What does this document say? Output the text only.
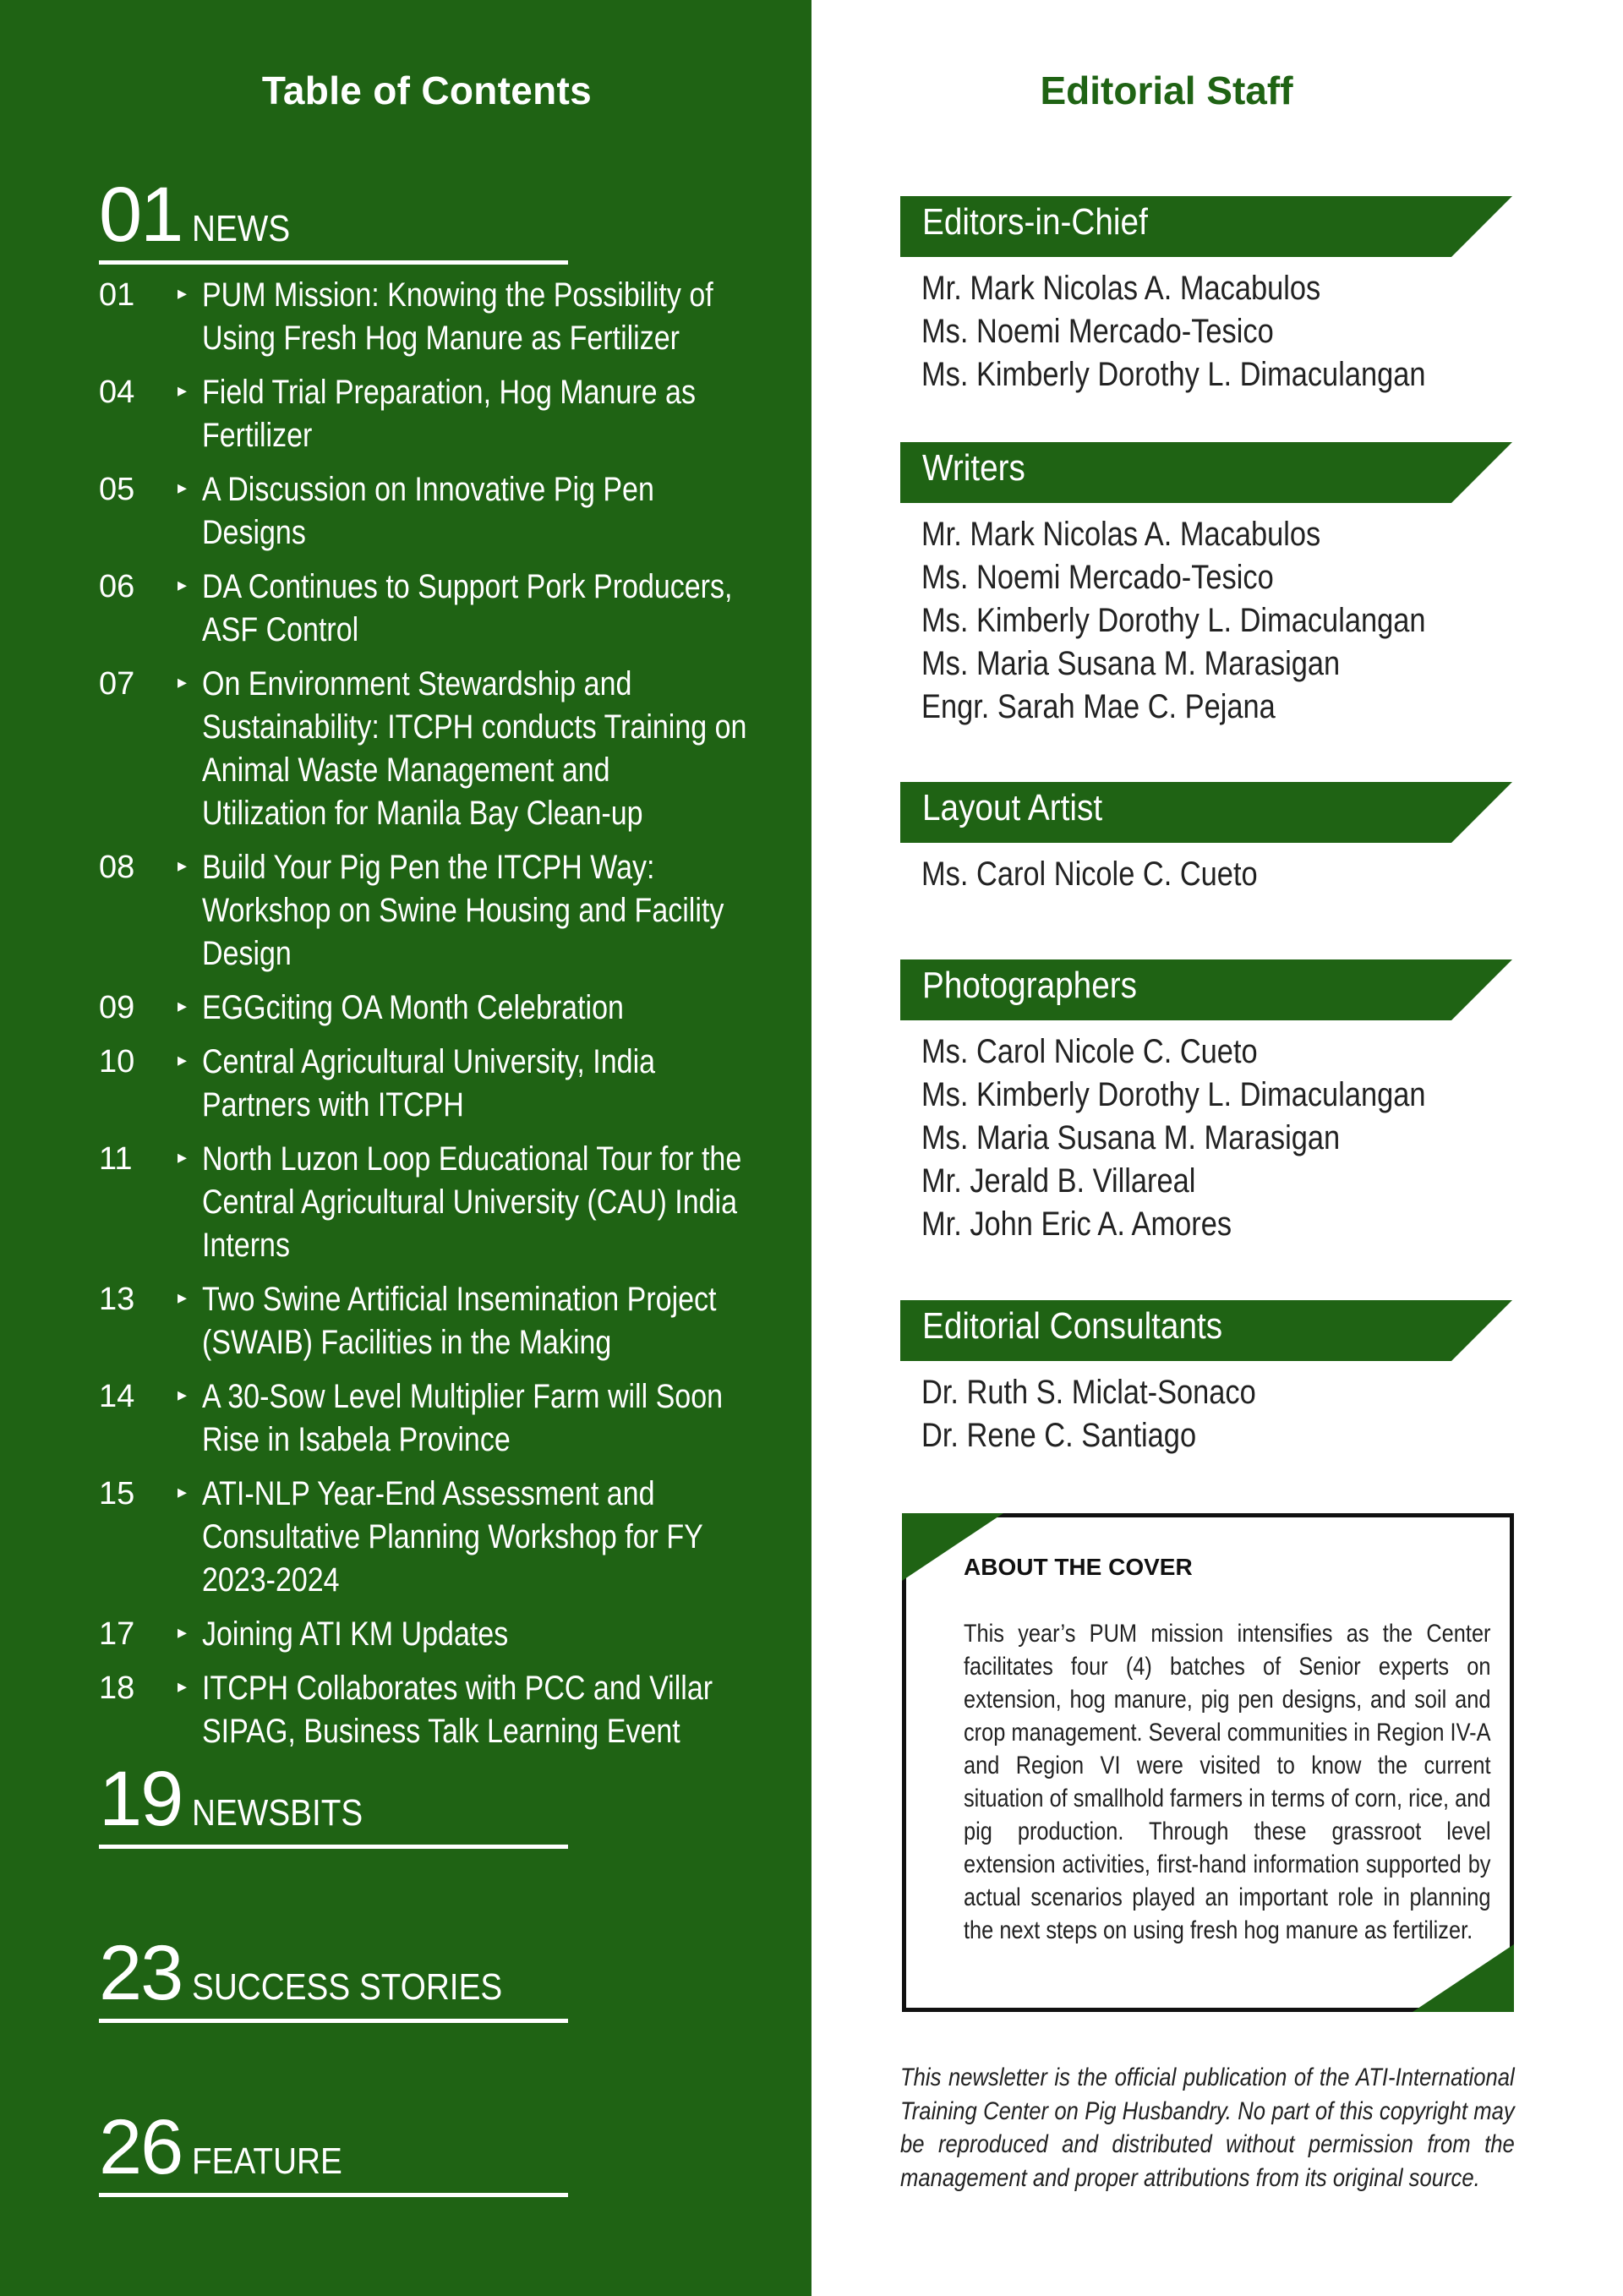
Table of Contents
01 NEWS
01 ▸ PUM Mission: Knowing the Possibility of
Using Fresh Hog Manure as Fertilizer
04 ▸ Field Trial Preparation, Hog Manure as
Fertilizer
05 ▸ A Discussion on Innovative Pig Pen
Designs
06 ▸ DA Continues to Support Pork Producers,
ASF Control
07 ▸ On Environment Stewardship and
Sustainability: ITCPH conducts Training on
Animal Waste Management and
Utilization for Manila Bay Clean-up
08 ▸ Build Your Pig Pen the ITCPH Way:
Workshop on Swine Housing and Facility
Design
09 ▸ EGGciting OA Month Celebration
10 ▸ Central Agricultural University, India
Partners with ITCPH
11 ▸ North Luzon Loop Educational Tour for the
Central Agricultural University (CAU) India
Interns
13 ▸ Two Swine Artificial Insemination Project
(SWAIB) Facilities in the Making
14 ▸ A 30-Sow Level Multiplier Farm will Soon
Rise in Isabela Province
15 ▸ ATI-NLP Year-End Assessment and
Consultative Planning Workshop for FY
2023-2024
17 ▸ Joining ATI KM Updates
18 ▸ ITCPH Collaborates with PCC and Villar
SIPAG, Business Talk Learning Event
19 NEWSBITS
23 SUCCESS STORIES
26 FEATURE
Editorial Staff
Editors-in-Chief
Mr. Mark Nicolas A. Macabulos
Ms. Noemi Mercado-Tesico
Ms. Kimberly Dorothy L. Dimaculangan
Writers
Mr. Mark Nicolas A. Macabulos
Ms. Noemi Mercado-Tesico
Ms. Kimberly Dorothy L. Dimaculangan
Ms. Maria Susana M. Marasigan
Engr. Sarah Mae C. Pejana
Layout Artist
Ms. Carol Nicole C. Cueto
Photographers
Ms. Carol Nicole C. Cueto
Ms. Kimberly Dorothy L. Dimaculangan
Ms. Maria Susana M. Marasigan
Mr. Jerald B. Villareal
Mr. John Eric A. Amores
Editorial Consultants
Dr. Ruth S. Miclat-Sonaco
Dr. Rene C. Santiago
ABOUT THE COVER
This year’s PUM mission intensifies as the Center facilitates four (4) batches of Senior experts on extension, hog manure, pig pen designs, and soil and crop management. Several communities in Region IV-A and Region VI were visited to know the current situation of smallhold farmers in terms of corn, rice, and pig production. Through these grassroot level extension activities, first-hand information supported by actual scenarios played an important role in planning the next steps on using fresh hog manure as fertilizer.
This newsletter is the official publication of the ATI-International Training Center on Pig Husbandry. No part of this copyright may be reproduced and distributed without permission from the management and proper attributions from its original source.
